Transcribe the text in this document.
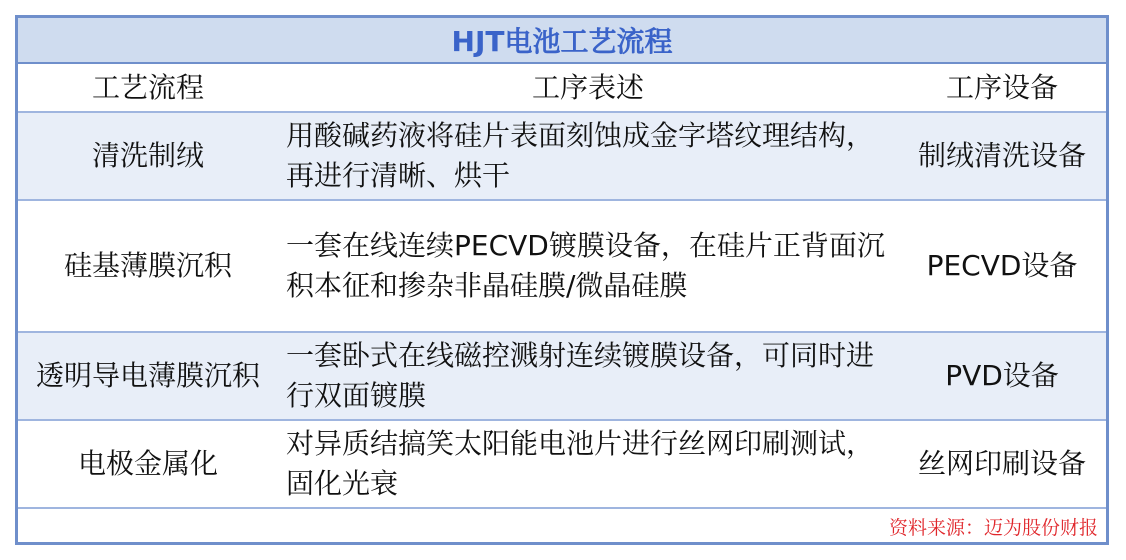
HJT电池工艺流程
工艺流程	工序表述	工序设备
清洗制绒	用酸碱药液将硅片表面刻蚀成金字塔纹理结构，再进行清晰、烘干	制绒清洗设备
硅基薄膜沉积	一套在线连续PECVD镀膜设备，在硅片正背面沉积本征和掺杂非晶硅膜/微晶硅膜	PECVD设备
透明导电薄膜沉积	一套卧式在线磁控溅射连续镀膜设备，可同时进行双面镀膜	PVD设备
电极金属化	对异质结搞笑太阳能电池片进行丝网印刷测试，固化光衰	丝网印刷设备
资料来源：迈为股份财报
